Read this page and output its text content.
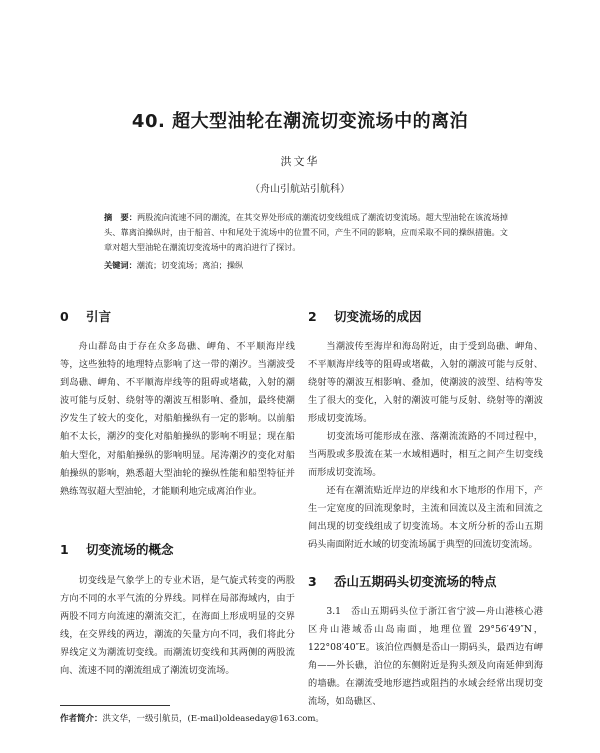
40. 超大型油轮在潮流切变流场中的离泊
洪文华
（舟山引航站引航科）
摘　要：两股流向流速不同的潮流，在其交界处形成的潮流切变线组成了潮流切变流场。超大型油轮在该流场掉头、靠离泊操纵时，由于船首、中和尾处于流场中的位置不同，产生不同的影响，应而采取不同的操纵措施。文章对超大型油轮在潮流切变流场中的离泊进行了探讨。
关键词：潮流；切变流场；离泊；操纵
0 引言
舟山群岛由于存在众多岛礁、岬角、不平顺海岸线等，这些独特的地理特点影响了这一带的潮汐。当潮波受到岛礁、岬角、不平顺海岸线等的阻碍或堵截，入射的潮波可能与反射、绕射等的潮波互相影响、叠加，最终使潮汐发生了较大的变化，对船舶操纵有一定的影响。以前船舶不太长，潮汐的变化对船舶操纵的影响不明显；现在船舶大型化，对船舶操纵的影响明显。尾涛潮汐的变化对船舶操纵的影响，熟悉超大型油轮的操纵性能和船型特征并熟练驾驭超大型油轮，才能顺利地完成离泊作业。
1 切变流场的概念
切变线是气象学上的专业术语，是气旋式转变的两股方向不同的水平气流的分界线。同样在局部海域内，由于两股不同方向流速的潮流交汇，在海面上形成明显的交界线，在交界线的两边，潮流的矢量方向不同，我们将此分界线定义为潮流切变线。而潮流切变线和其两侧的两股流向、流速不同的潮流组成了潮流切变流场。
2 切变流场的成因
当潮波传至海岸和海岛附近，由于受到岛礁、岬角、不平顺海岸线等的阻碍或堵截，入射的潮波可能与反射、绕射等的潮波互相影响、叠加，使潮波的波型、结构等发生了很大的变化，入射的潮波可能与反射、绕射等的潮波形成切变流场。
切变流场可能形成在涨、落潮流流路的不同过程中，当两股或多股流在某一水域相遇时，相互之间产生切变线而形成切变流场。
还有在潮流贴近岸边的岸线和水下地形的作用下，产生一定宽度的回流现象时，主流和回流以及主流和回流之间出现的切变线组成了切变流场。本文所分析的岙山五期码头南面附近水域的切变流场属于典型的回流切变流场。
3 岙山五期码头切变流场的特点
3.1　岙山五期码头位于浙江省宁波—舟山港核心港区舟山港域岙山岛南面，地理位置 29°56′49″N，122°08′40″E。该泊位西侧是岙山一期码头，最西边有岬角——外长礁，泊位的东侧附近是狗头颈及向南延伸到海的墙礁。在潮流受地形遮挡或阻挡的水域会经常出现切变流场，如岛礁区、
作者简介：洪文华，一级引航员，(E-mail)oldeaseday@163.com。
